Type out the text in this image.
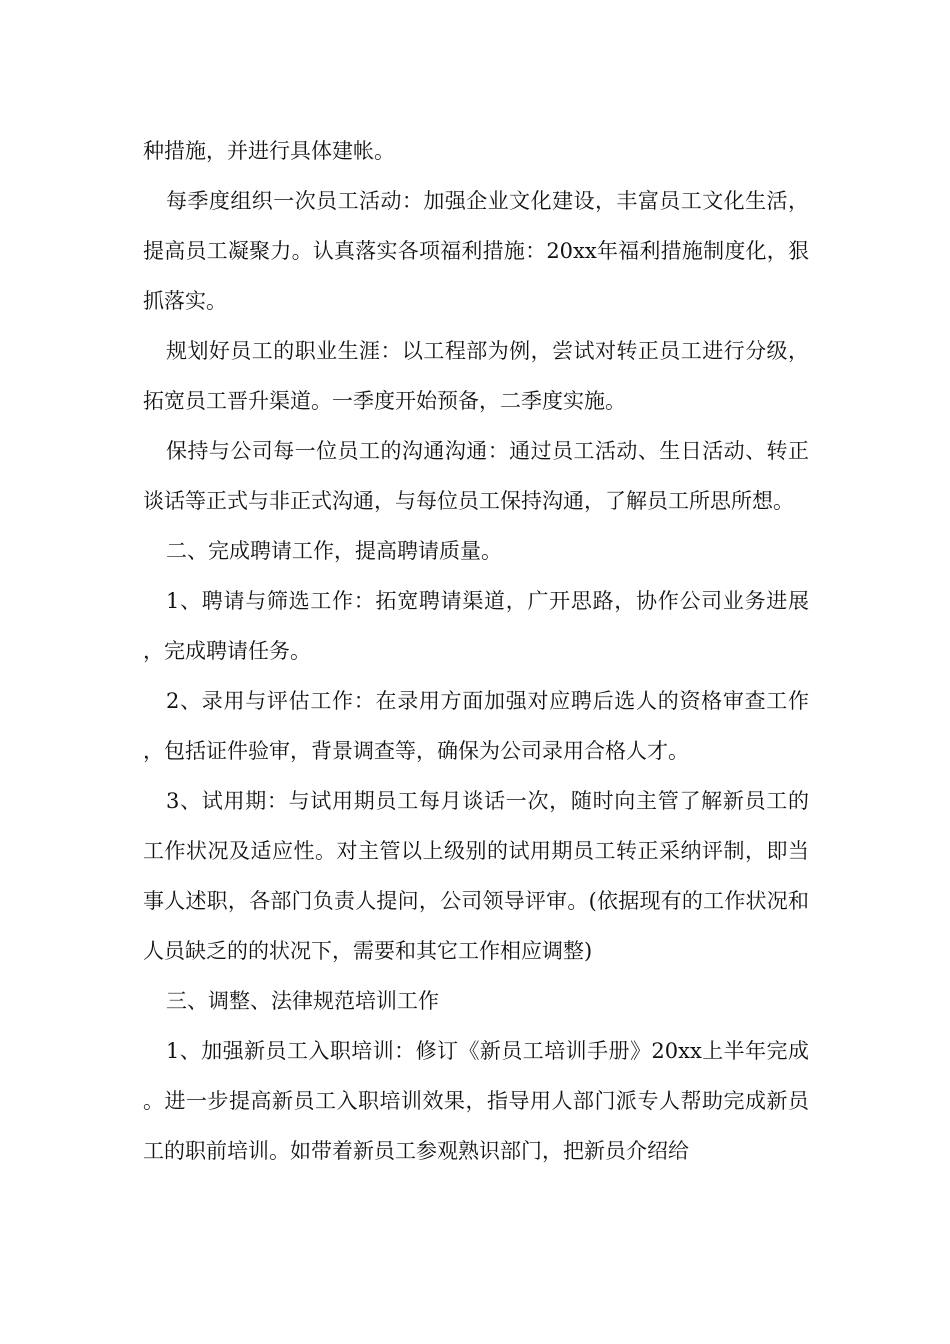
种措施，并进行具体建帐。

每季度组织一次员工活动：加强企业文化建设，丰富员工文化生活，提高员工凝聚力。认真落实各项福利措施：20xx年福利措施制度化，狠抓落实。

规划好员工的职业生涯：以工程部为例，尝试对转正员工进行分级，拓宽员工晋升渠道。一季度开始预备，二季度实施。

保持与公司每一位员工的沟通沟通：通过员工活动、生日活动、转正谈话等正式与非正式沟通，与每位员工保持沟通，了解员工所思所想。

二、完成聘请工作，提高聘请质量。

1、聘请与筛选工作：拓宽聘请渠道，广开思路，协作公司业务进展，完成聘请任务。

2、录用与评估工作：在录用方面加强对应聘后选人的资格审查工作，包括证件验审，背景调查等，确保为公司录用合格人才。

3、试用期：与试用期员工每月谈话一次，随时向主管了解新员工的工作状况及适应性。对主管以上级别的试用期员工转正采纳评制，即当事人述职，各部门负责人提问，公司领导评审。(依据现有的工作状况和人员缺乏的的状况下，需要和其它工作相应调整)

三、调整、法律规范培训工作

1、加强新员工入职培训：修订《新员工培训手册》20xx上半年完成。进一步提高新员工入职培训效果，指导用人部门派专人帮助完成新员工的职前培训。如带着新员工参观熟识部门，把新员介绍给
